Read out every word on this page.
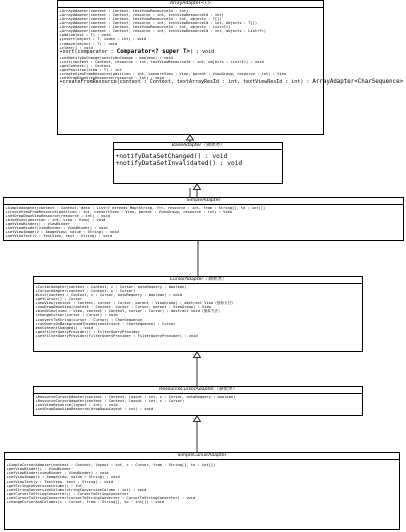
ArrayAdapter<T>
+ArrayAdapter(context : Context, textViewResourceId : int)
+ArrayAdapter(context : Context, resource : int, textViewResourceId : int)
+ArrayAdapter(context : Context, textViewResourceId : int, objects : T[])
+ArrayAdapter(context : Context, resource : int, textViewResourceId : int, objects : T[])
+ArrayAdapter(context : Context, textViewResourceId : int, objects : List<T>)
+ArrayAdapter(context : Context, resource : int, textViewResourceId : int, objects : List<T>)
+add(object : T) : void
+insert(object : T, index : int) : void
+remove(object : T) : void
+clear() : void
+sort(comparator : Comparator<? super T>) : void
+setNotifyOnChange(notifyOnChange : boolean) : void
+init(context : Context, resource : int, textViewResourceId : int, objects : List<T>) : void
+getContext() : Context
+getPosition(item : T) : int
+createViewFromResource(position : int, convertView : View, parent : ViewGroup, resource : int) : View
+setDropDownViewResource(resource : int) : void
+createFromResource(context : Context, textArrayResId : int, textViewResId : int) : ArrayAdapter<CharSequence>
BaseAdapter（抽象类）
+notifyDataSetChanged() : void
+notifyDataSetInvalidated() : void
SimpleAdapter
+SimpleAdapter(context : Context, data : List<? extends Map<String, ?>>, resource : int, from : String[], to : int[])
+createViewFromResource(position : int, convertView : View, parent : ViewGroup, resource : int) : View
+setDropDownViewResource(resource : int) : void
+bindView(position : int, view : View) : void
+getViewBinder() : ViewBinder
+setViewBinder(viewBinder : ViewBinder) : void
+setViewImage(v : ImageView, value : String) : void
+setViewText(v : TextView, text : String) : void
CursorAdapter（抽象类）
+CursorAdapter(context : Context, c : Cursor, autoRequery : boolean)
+CursorAdapter(context : Context, c : Cursor)
#init(context : Context, c : Cursor, autoRequery : boolean) : void
+getCursor() : Cursor
+newView(context : Context, cursor : Cursor, parent : ViewGroup) : abstract View（抽象方法）
+newDropDownView(context : Context, cursor : Cursor, parent : ViewGroup) : View
+bindView(view : View, context : Context, cursor : Cursor) : abstract void（抽象方法）
+changeCursor(cursor : Cursor) : void
+convertToString(cursor : Cursor) : CharSequence
+runQueryOnBackgroundThread(constraint : CharSequence) : Cursor
#onContentChanged() : void
+getFilterQueryProvider() : FilterQueryProvider
+setFilterQueryProvider(filterQueryProvider : FilterQueryProvider) : void
ResourceCursorAdapter（抽象类）
+ResourceCursorAdapter(context : Context, layout : int, c : Cursor, autoRequery : boolean)
+ResourceCursorAdapter(context : Context, layout : int, c : Cursor)
+setViewResource(layout : int) : void
+setDropDownViewResource(dropDownLayout : int) : void
SimpleCursorAdapter
+SimpleCursorAdapter(context : Context, layout : int, c : Cursor, from : String[], to : int[])
+getViewBinder() : ViewBinder
+setViewBinder(viewBinder : ViewBinder) : void
+setViewImage(v : ImageView, value : String) : void
+setViewText(v : TextView, text : String) : void
+getStringConversionColumn() : int
+setStringConversionColumn(stringConversionColumn : int) : void
+getCursorToStringConverter() : CursorToStringConverter
+setCursorToStringConverter(cursorToStringConverter : CursorToStringConverter) : void
+changeCursorAndColumns(c : Cursor, from : String[], to : int[]) : void
